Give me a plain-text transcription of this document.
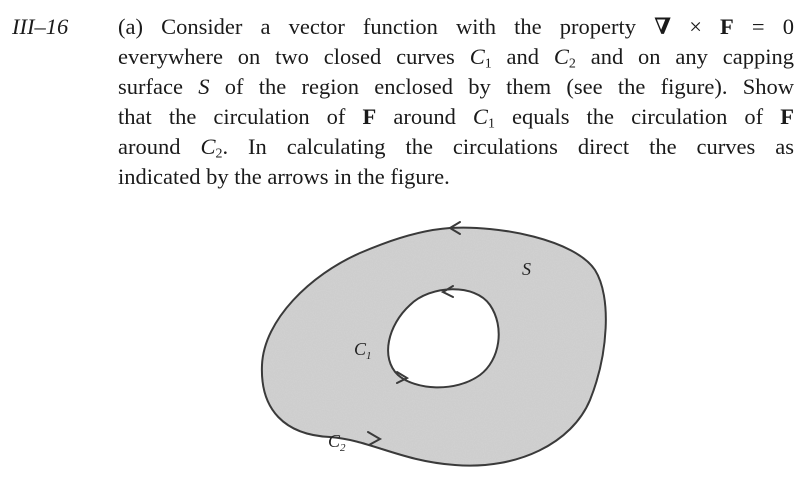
III–16 (a) Consider a vector function with the property ∇ × F = 0
everywhere on two closed curves $C_1$ and $C_2$ and on any capping
surface S of the region enclosed by them (see the figure). Show
that the circulation of F around $C_1$ equals the circulation of F
around $C_2$. In calculating the circulations direct the curves as
indicated by the arrows in the figure.
S
$C_1$
$C_2$
